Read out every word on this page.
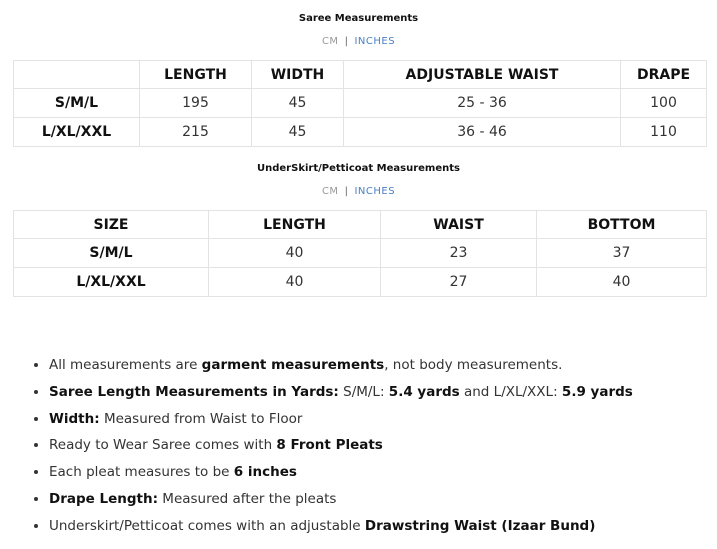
Saree Measurements
CM | INCHES
	LENGTH	WIDTH	ADJUSTABLE WAIST	DRAPE
S/M/L	195	45	25 - 36	100
L/XL/XXL	215	45	36 - 46	110
UnderSkirt/Petticoat Measurements
CM | INCHES
SIZE	LENGTH	WAIST	BOTTOM
S/M/L	40	23	37
L/XL/XXL	40	27	40
• All measurements are garment measurements, not body measurements.
• Saree Length Measurements in Yards: S/M/L: 5.4 yards and L/XL/XXL: 5.9 yards
• Width: Measured from Waist to Floor
• Ready to Wear Saree comes with 8 Front Pleats
• Each pleat measures to be 6 inches
• Drape Length: Measured after the pleats
• Underskirt/Petticoat comes with an adjustable Drawstring Waist (Izaar Bund)
